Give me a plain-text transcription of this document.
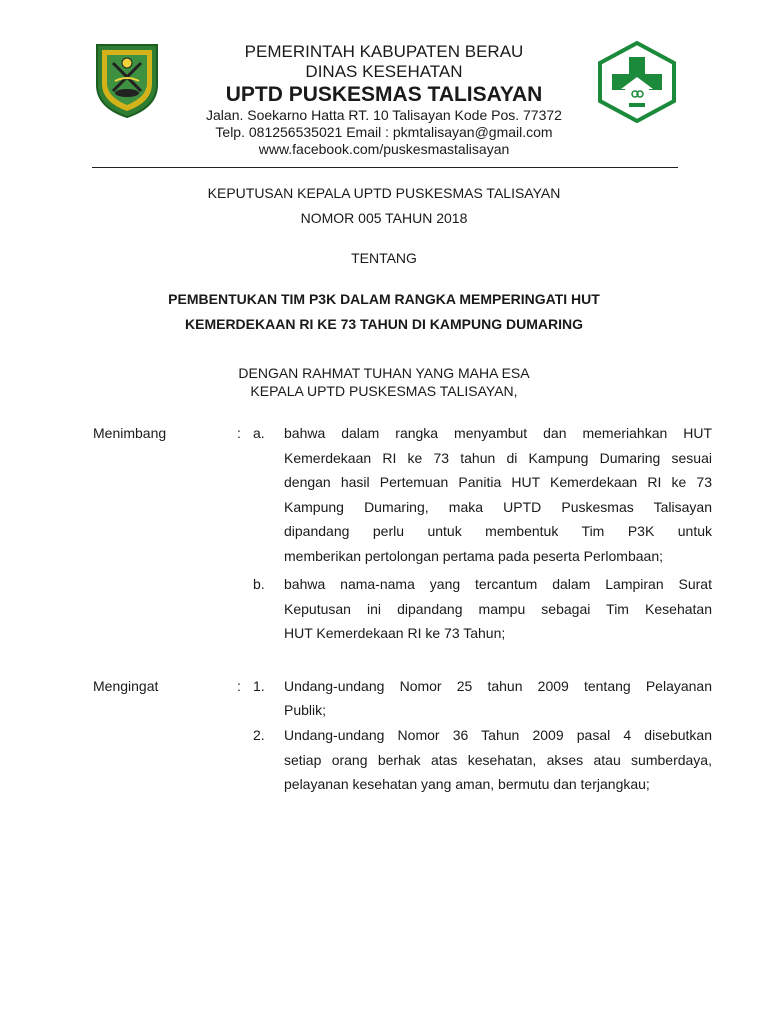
PEMERINTAH KABUPATEN BERAU
DINAS KESEHATAN
UPTD PUSKESMAS TALISAYAN
Jalan. Soekarno Hatta RT. 10 Talisayan Kode Pos. 77372
Telp. 081256535021 Email : pkmtalisayan@gmail.com
www.facebook.com/puskesmastalisayan
KEPUTUSAN KEPALA UPTD PUSKESMAS TALISAYAN
NOMOR 005 TAHUN 2018
TENTANG
PEMBENTUKAN TIM P3K DALAM RANGKA MEMPERINGATI HUT
KEMERDEKAAN RI KE 73 TAHUN DI KAMPUNG DUMARING
DENGAN RAHMAT TUHAN YANG MAHA ESA
KEPALA UPTD PUSKESMAS TALISAYAN,
Menimbang	: a. bahwa dalam rangka menyambut dan memeriahkan HUT
Kemerdekaan RI ke 73 tahun di Kampung Dumaring sesuai
dengan hasil Pertemuan Panitia HUT Kemerdekaan RI ke 73
Kampung Dumaring, maka UPTD Puskesmas Talisayan
dipandang perlu untuk membentuk Tim P3K untuk
memberikan pertolongan pertama pada peserta Perlombaan;
b. bahwa nama-nama yang tercantum dalam Lampiran Surat
Keputusan ini dipandang mampu sebagai Tim Kesehatan
HUT Kemerdekaan RI ke 73 Tahun;
Mengingat	: 1. Undang-undang Nomor 25 tahun 2009 tentang Pelayanan
Publik;
2. Undang-undang Nomor 36 Tahun 2009 pasal 4 disebutkan
setiap orang berhak atas kesehatan, akses atau sumberdaya,
pelayanan kesehatan yang aman, bermutu dan terjangkau;
